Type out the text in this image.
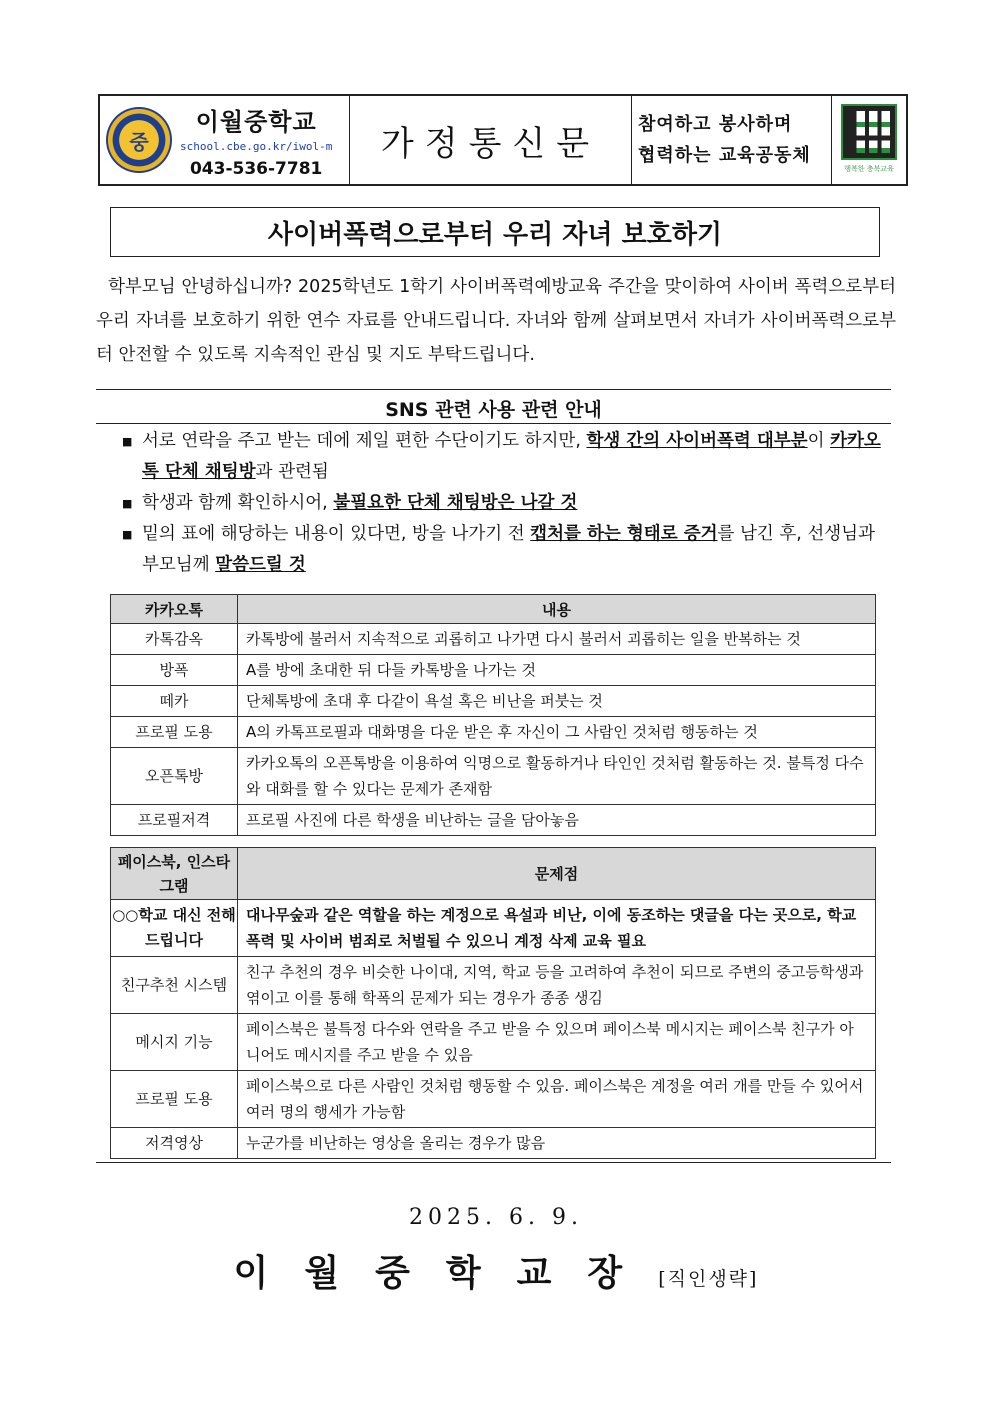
중
이월중학교
school.cbe.go.kr/iwol-m
043-536-7781
가정통신문 참여하고 봉사하며
협력하는 교육공동체
행복한 충북교육
사이버폭력으로부터 우리 자녀 보호하기
학부모님 안녕하십니까? 2025학년도 1학기 사이버폭력예방교육 주간을 맞이하여 사이버 폭력으로부터 우리 자녀를 보호하기 위한 연수 자료를 안내드립니다. 자녀와 함께 살펴보면서 자녀가 사이버폭력으로부터 안전할 수 있도록 지속적인 관심 및 지도 부탁드립니다.
SNS 관련 사용 관련 안내
■ 서로 연락을 주고 받는 데에 제일 편한 수단이기도 하지만, 학생 간의 사이버폭력 대부분이 카카오톡 단체 채팅방과 관련됨
■ 학생과 함께 확인하시어, 불필요한 단체 채팅방은 나갈 것
■ 밑의 표에 해당하는 내용이 있다면, 방을 나가기 전 캡처를 하는 형태로 증거를 남긴 후, 선생님과 부모님께 말씀드릴 것
카카오톡	내용
카톡감옥	카톡방에 불러서 지속적으로 괴롭히고 나가면 다시 불러서 괴롭히는 일을 반복하는 것
방폭	A를 방에 초대한 뒤 다들 카톡방을 나가는 것
떼카	단체톡방에 초대 후 다같이 욕설 혹은 비난을 퍼붓는 것
프로필 도용	A의 카톡프로필과 대화명을 다운 받은 후 자신이 그 사람인 것처럼 행동하는 것
오픈톡방	카카오톡의 오픈톡방을 이용하여 익명으로 활동하거나 타인인 것처럼 활동하는 것. 불특정 다수와 대화를 할 수 있다는 문제가 존재함
프로필저격	프로필 사진에 다른 학생을 비난하는 글을 담아놓음
페이스북, 인스타그램	문제점
○○학교 대신 전해드립니다	대나무숲과 같은 역할을 하는 계정으로 욕설과 비난, 이에 동조하는 댓글을 다는 곳으로, 학교폭력 및 사이버 범죄로 처벌될 수 있으니 계정 삭제 교육 필요
친구추천 시스템	친구 추천의 경우 비슷한 나이대, 지역, 학교 등을 고려하여 추천이 되므로 주변의 중고등학생과 엮이고 이를 통해 학폭의 문제가 되는 경우가 종종 생김
메시지 기능	페이스북은 불특정 다수와 연락을 주고 받을 수 있으며 페이스북 메시지는 페이스북 친구가 아니어도 메시지를 주고 받을 수 있음
프로필 도용	페이스북으로 다른 사람인 것처럼 행동할 수 있음. 페이스북은 계정을 여러 개를 만들 수 있어서 여러 명의 행세가 가능함
저격영상	누군가를 비난하는 영상을 올리는 경우가 많음
2025. 6. 9.
이월중학교장[직인생략]
